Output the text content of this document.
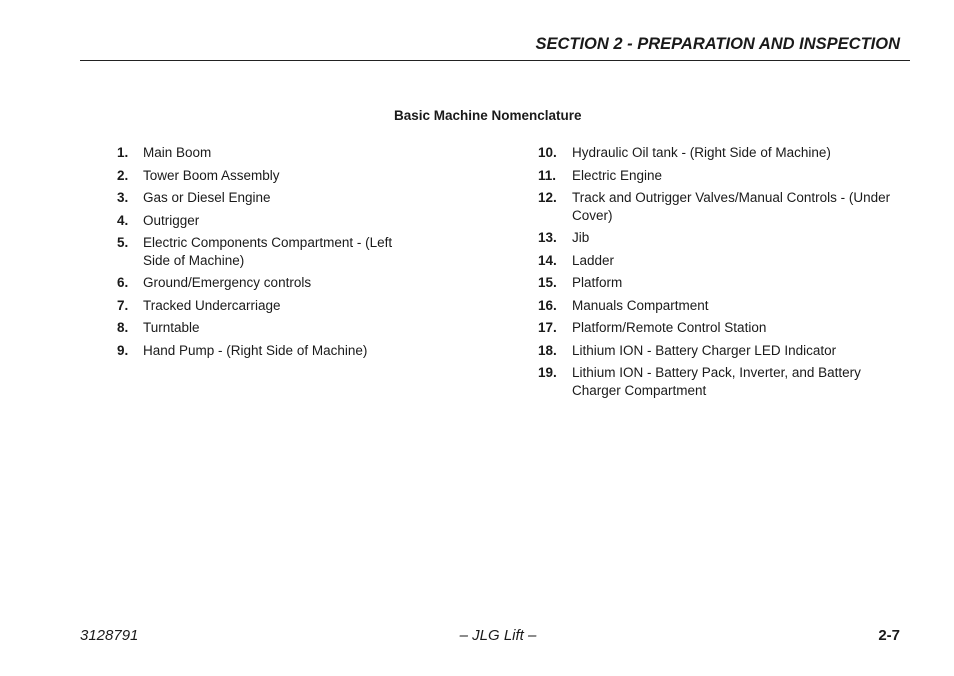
SECTION 2 - PREPARATION AND INSPECTION
Basic Machine Nomenclature
1. Main Boom
2. Tower Boom Assembly
3. Gas or Diesel Engine
4. Outrigger
5. Electric Components Compartment - (Left Side of Machine)
6. Ground/Emergency controls
7. Tracked Undercarriage
8. Turntable
9. Hand Pump - (Right Side of Machine)
10. Hydraulic Oil tank - (Right Side of Machine)
11. Electric Engine
12. Track and Outrigger Valves/Manual Controls - (Under Cover)
13. Jib
14. Ladder
15. Platform
16. Manuals Compartment
17. Platform/Remote Control Station
18. Lithium ION - Battery Charger LED Indicator
19. Lithium ION - Battery Pack, Inverter, and Battery Charger Compartment
3128791	– JLG Lift –	2-7
